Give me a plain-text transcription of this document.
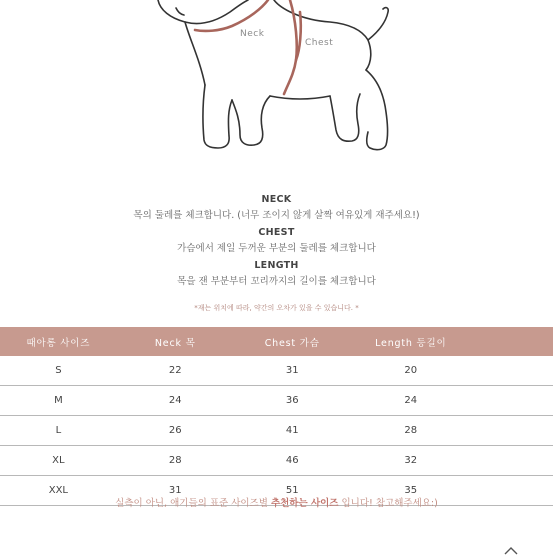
Neck
Chest
NECK
목의 둘레를 체크합니다. (너무 조이지 않게 살짝 여유있게 재주세요!)
CHEST
가슴에서 제일 두꺼운 부분의 둘레를 체크합니다
LENGTH
목을 잰 부분부터 꼬리까지의 길이를 체크합니다
*재는 위치에 따라, 약간의 오차가 있을 수 있습니다. *
때아롱 사이즈	Neck 목	Chest 가슴	Length 등길이	
S	22	31	20	
M	24	36	24	
L	26	41	28	
XL	28	46	32	
XXL	31	51	35	
실측이 아닌, 애기들의 표준 사이즈별 추천하는 사이즈 입니다! 참고해주세요:)
